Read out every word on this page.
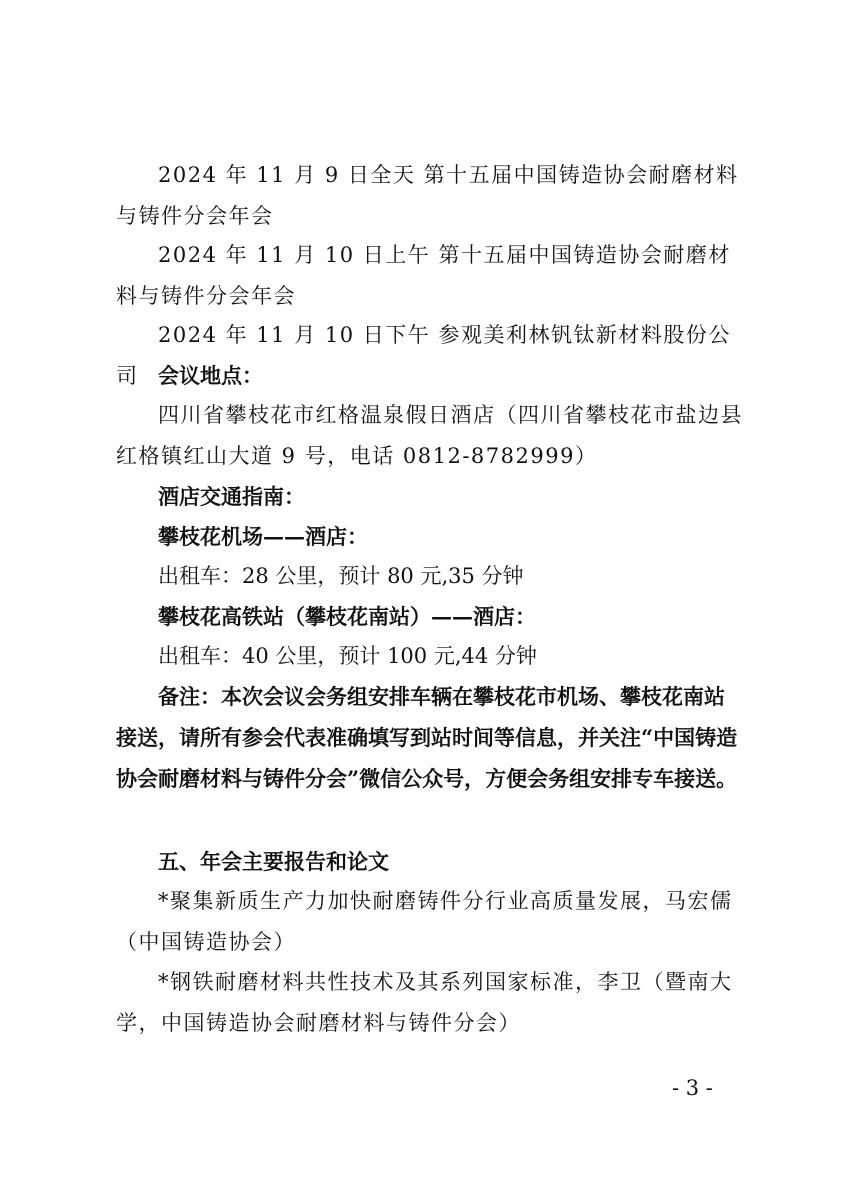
2024 年 11 月 9 日全天 第十五届中国铸造协会耐磨材料与铸件分会年会

2024 年 11 月 10 日上午 第十五届中国铸造协会耐磨材料与铸件分会年会

2024 年 11 月 10 日下午 参观美利林钒钛新材料股份公司 会议地点：

四川省攀枝花市红格温泉假日酒店（四川省攀枝花市盐边县红格镇红山大道 9 号，电话 0812-8782999）

酒店交通指南：

攀枝花机场——酒店：

出租车：28 公里，预计 80 元,35 分钟

攀枝花高铁站（攀枝花南站）——酒店：

出租车：40 公里，预计 100 元,44 分钟

备注：本次会议会务组安排车辆在攀枝花市机场、攀枝花南站接送，请所有参会代表准确填写到站时间等信息，并关注“中国铸造协会耐磨材料与铸件分会”微信公众号，方便会务组安排专车接送。

五、年会主要报告和论文

*聚集新质生产力加快耐磨铸件分行业高质量发展，马宏儒（中国铸造协会）

*钢铁耐磨材料共性技术及其系列国家标准，李卫（暨南大学，中国铸造协会耐磨材料与铸件分会）

- 3 -
